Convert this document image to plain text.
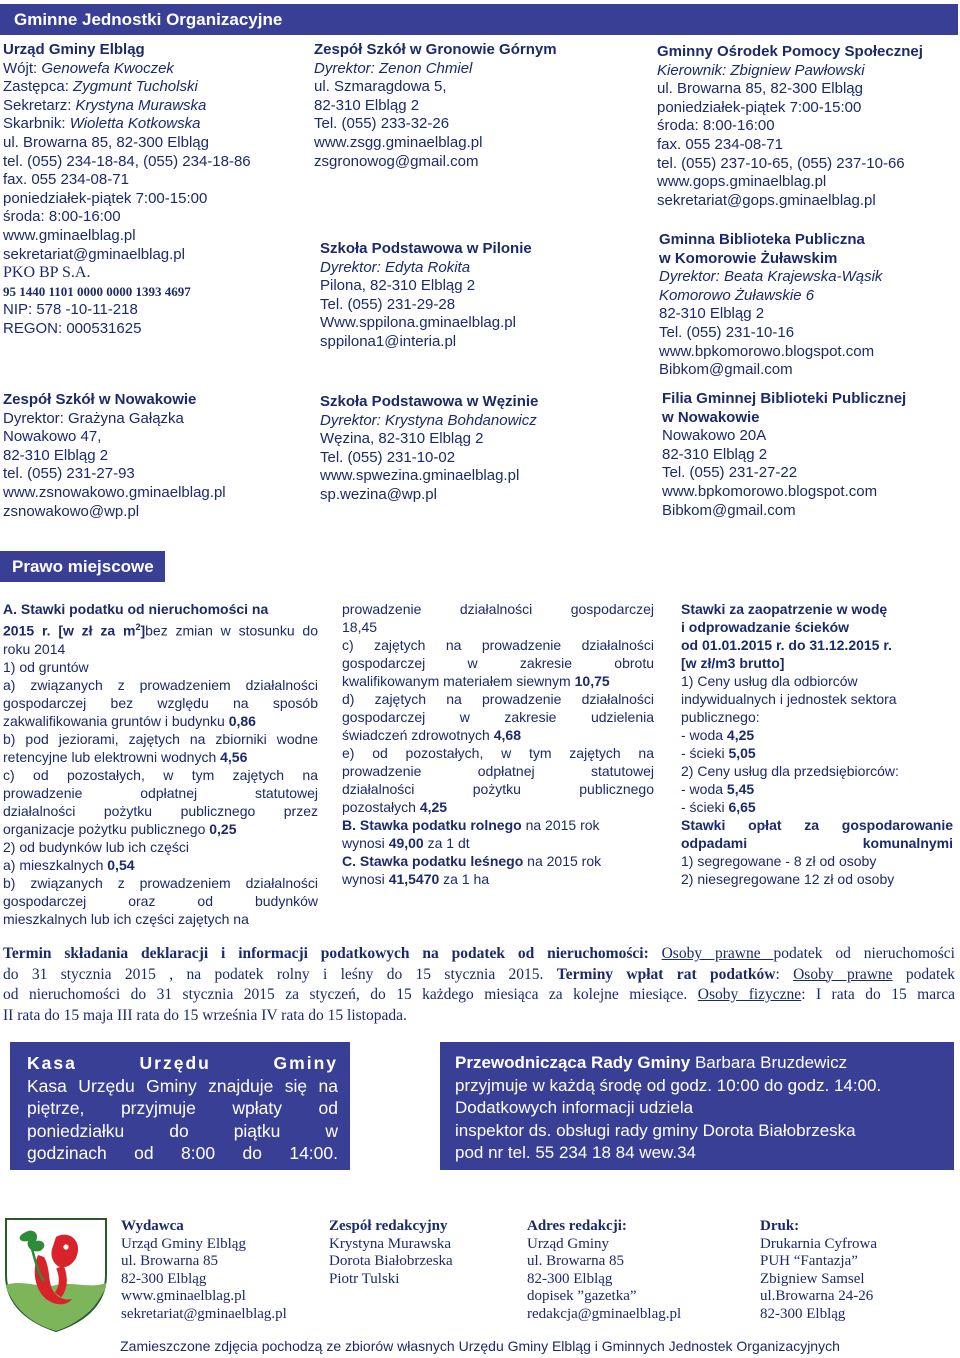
Gminne Jednostki Organizacyjne
Urząd Gminy Elbląg
Wójt: Genowefa Kwoczek
Zastępca: Zygmunt Tucholski
Sekretarz: Krystyna Murawska
Skarbnik: Wioletta Kotkowska
ul. Browarna 85, 82-300 Elbląg
tel. (055) 234-18-84, (055) 234-18-86
fax. 055 234-08-71
poniedziałek-piątek 7:00-15:00
środa: 8:00-16:00
www.gminaelblag.pl
sekretariat@gminaelblag.pl
PKO BP S.A.
95 1440 1101 0000 0000 1393 4697
NIP: 578 -10-11-218
REGON: 000531625
Zespół Szkół w Gronowie Górnym
Dyrektor: Zenon Chmiel
ul. Szmaragdowa 5,
82-310 Elbląg 2
Tel. (055) 233-32-26
www.zsgg.gminaelblag.pl
zsgronowog@gmail.com
Gminny Ośrodek Pomocy Społecznej
Kierownik: Zbigniew Pawłowski
ul. Browarna 85, 82-300 Elbląg
poniedziałek-piątek 7:00-15:00
środa: 8:00-16:00
fax. 055 234-08-71
tel. (055) 237-10-65, (055) 237-10-66
www.gops.gminaelblag.pl
sekretariat@gops.gminaelblag.pl
Szkoła Podstawowa w Pilonie
Dyrektor: Edyta Rokita
Pilona, 82-310 Elbląg 2
Tel. (055) 231-29-28
Www.sppilona.gminaelblag.pl
sppilona1@interia.pl
Gminna Biblioteka Publiczna
w Komorowie Żuławskim
Dyrektor: Beata Krajewska-Wąsik
Komorowo Żuławskie 6
82-310 Elbląg 2
Tel. (055) 231-10-16
www.bpkomorowo.blogspot.com
Bibkom@gmail.com
Zespół Szkół w Nowakowie
Dyrektor: Grażyna Gałązka
Nowakowo 47,
82-310 Elbląg 2
tel. (055) 231-27-93
www.zsnowakowo.gminaelblag.pl
zsnowakowo@wp.pl
Szkoła Podstawowa w Węzinie
Dyrektor: Krystyna Bohdanowicz
Węzina, 82-310 Elbląg 2
Tel. (055) 231-10-02
www.spwezina.gminaelblag.pl
sp.wezina@wp.pl
Filia Gminnej Biblioteki Publicznej
w Nowakowie
Nowakowo 20A
82-310 Elbląg 2
Tel. (055) 231-27-22
www.bpkomorowo.blogspot.com
Bibkom@gmail.com
Prawo miejscowe

A. Stawki podatku od nieruchomości na

2015 r. [w zł za $m^2]bez$ zmian w stosunku do

roku 2014

1) od gruntów

a) związanych z prowadzeniem działalności

gospodarczej bez względu na sposób

zakwalifikowania gruntów i budynku 0,86

b) pod jeziorami, zajętych na zbiorniki wodne

retencyjne lub elektrowni wodnych 4,56

c) od pozostałych, w tym zajętych na

prowadzenie odpłatnej statutowej

działalności pożytku publicznego przez

organizacje pożytku publicznego 0,25

2) od budynków lub ich części

a) mieszkalnych 0,54

b) związanych z prowadzeniem działalności

gospodarczej oraz od budynków

mieszkalnych lub ich części zajętych na

prowadzenie działalności gospodarczej

18,45

c) zajętych na prowadzenie działalności

gospodarczej w zakresie obrotu

kwalifikowanym materiałem siewnym 10,75

d) zajętych na prowadzenie działalności

gospodarczej w zakresie udzielenia

świadczeń zdrowotnych 4,68

e) od pozostałych, w tym zajętych na

prowadzenie odpłatnej statutowej

działalności pożytku publicznego

pozostałych 4,25

B. Stawka podatku rolnego na 2015 rok

wynosi 49,00 za 1 dt

C. Stawka podatku leśnego na 2015 rok

wynosi 41,5470 za 1 ha

Stawki za zaopatrzenie w wodę

i odprowadzanie ścieków

od 01.01.2015 r. do 31.12.2015 r.

[w zł/m3 brutto]

1) Ceny usług dla odbiorców

indywidualnych i jednostek sektora

publicznego:

- woda 4,25

- ścieki 5,05

2) Ceny usług dla przedsiębiorców:

- woda 5,45

- ścieki 6,65

Stawki opłat za gospodarowanie

odpadami komunalnymi

1) segregowane - 8 zł od osoby

2) niesegregowane 12 zł od osoby

Termin składania deklaracji i informacji podatkowych na podatek od nieruchomości: Osoby prawne podatek od nieruchomości
do 31 stycznia 2015 , na podatek rolny i leśny do 15 stycznia 2015. Terminy wpłat rat podatków: Osoby prawne podatek
od nieruchomości do 31 stycznia 2015 za styczeń, do 15 każdego miesiąca za kolejne miesiące. Osoby fizyczne: I rata do 15 marca
II rata do 15 maja III rata do 15 września IV rata do 15 listopada.
Kasa Urzędu Gminy
Kasa Urzędu Gminy znajduje się na
piętrze, przyjmuje wpłaty od
poniedziałku do piątku w
godzinach od 8:00 do 14:00.
Przewodnicząca Rady Gminy Barbara Bruzdewicz
przyjmuje w każdą środę od godz. 10:00 do godz. 14:00.
Dodatkowych informacji udziela
inspektor ds. obsługi rady gminy Dorota Białobrzeska
pod nr tel. 55 234 18 84 wew.34
Wydawca
Urząd Gminy Elbląg
ul. Browarna 85
82-300 Elbląg
www.gminaelblag.pl
sekretariat@gminaelblag.pl
Zespół redakcyjny
Krystyna Murawska
Dorota Białobrzeska
Piotr Tulski
Adres redakcji:
Urząd Gminy
ul. Browarna 85
82-300 Elbląg
dopisek ”gazetka”
redakcja@gminaelblag.pl
Druk:
Drukarnia Cyfrowa
PUH “Fantazja”
Zbigniew Samsel
ul.Browarna 24-26
82-300 Elbląg
Zamieszczone zdjęcia pochodzą ze zbiorów własnych Urzędu Gminy Elbląg i Gminnych Jednostek Organizacyjnych
